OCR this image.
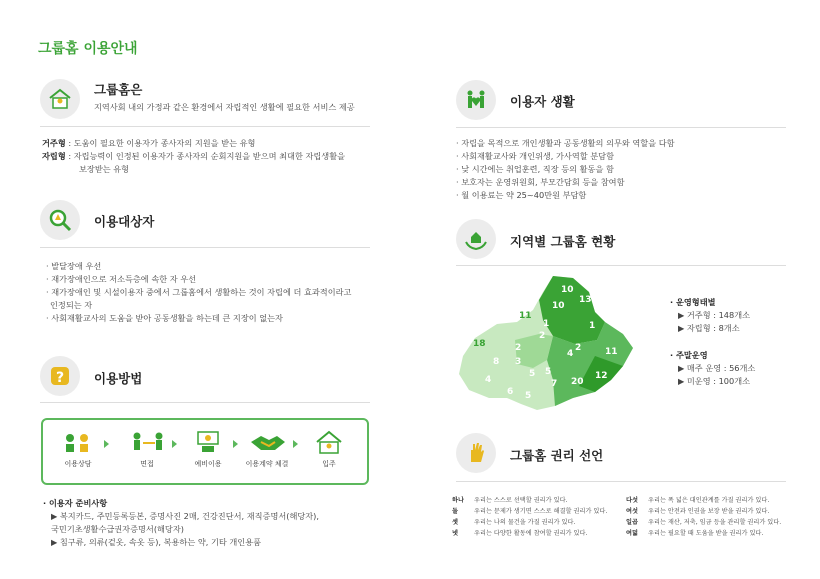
그룹홈 이용안내
그룹홈은
지역사회 내의 가정과 같은 환경에서 자립적인 생활에 필요한 서비스 제공
거주형 : 도움이 필요한 이용자가 종사자의 지원을 받는 유형
자립형 : 자립능력이 인정된 이용자가 종사자의 순회지원을 받으며 최대한 자립생활을
보장받는 유형
이용대상자
· 발달장애 우선
· 재가장애인으로 저소득층에 속한 자 우선
· 재가장애인 및 시설이용자 중에서 그룹홈에서 생활하는 것이 자립에 더 효과적이라고
인정되는 자
· 사회재활교사의 도움을 받아 공동생활을 하는데 큰 지장이 없는자
? 이용방법
이용상담	면접	예비이용	이용계약 체결	입주
· 이용자 준비사항
▶ 복지카드, 주민등록등본, 증명사진 2매, 건강진단서, 재직증명서(해당자),
국민기초생활수급권자증명서(해당자)
▶ 침구류, 의류(겉옷, 속옷 등), 복용하는 약, 기타 개인용품
이용자 생활
· 자립을 목적으로 개인생활과 공동생활의 의무와 역할을 다함
· 사회재활교사와 개인위생, 가사역할 분담함
· 낮 시간에는 취업훈련, 직장 등의 활동을 함
· 보호자는 운영위원회, 부모간담회 등을 참여함
· 월 이용료는 약 25~40만원 부담함
지역별 그룹홈 현황
10
10
13
11
1
2
2
1
18
8 3
5 5
4	11
4
2
7 20
12
6 5
· 운영형태별
▶ 거주형 : 148개소
▶ 자립형 : 8개소
· 주말운영
▶ 매주 운영 : 56개소
▶ 미운영 : 100개소
그룹홈 권리 선언
하나 우리는 스스로 선택할 권리가 있다.
둘	우리는 문제가 생기면 스스로 해결할 권리가 있다.
셋	우리는 나의 물건을 가질 권리가 있다.
넷	우리는 다양한 활동에 참여할 권리가 있다.
다섯 우리는 폭 넓은 대인관계를 가질 권리가 있다.
여섯 우리는 안전과 인권을 보장 받을 권리가 있다.
일곱 우리는 재산, 저축, 임금 등을 관리할 권리가 있다.
여덟 우리는 필요할 때 도움을 받을 권리가 있다.
